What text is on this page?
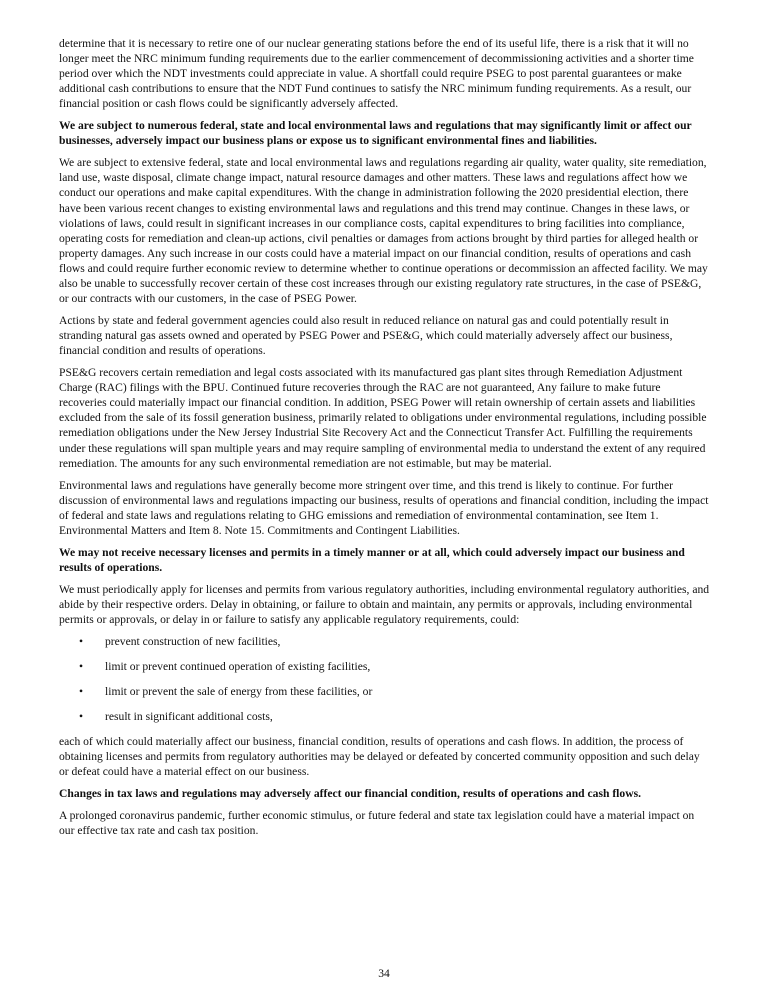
determine that it is necessary to retire one of our nuclear generating stations before the end of its useful life, there is a risk that it will no longer meet the NRC minimum funding requirements due to the earlier commencement of decommissioning activities and a shorter time period over which the NDT investments could appreciate in value. A shortfall could require PSEG to post parental guarantees or make additional cash contributions to ensure that the NDT Fund continues to satisfy the NRC minimum funding requirements. As a result, our financial position or cash flows could be significantly adversely affected.

We are subject to numerous federal, state and local environmental laws and regulations that may significantly limit or affect our businesses, adversely impact our business plans or expose us to significant environmental fines and liabilities.

We are subject to extensive federal, state and local environmental laws and regulations regarding air quality, water quality, site remediation, land use, waste disposal, climate change impact, natural resource damages and other matters. These laws and regulations affect how we conduct our operations and make capital expenditures. With the change in administration following the 2020 presidential election, there have been various recent changes to existing environmental laws and regulations and this trend may continue. Changes in these laws, or violations of laws, could result in significant increases in our compliance costs, capital expenditures to bring facilities into compliance, operating costs for remediation and clean-up actions, civil penalties or damages from actions brought by third parties for alleged health or property damages. Any such increase in our costs could have a material impact on our financial condition, results of operations and cash flows and could require further economic review to determine whether to continue operations or decommission an affected facility. We may also be unable to successfully recover certain of these cost increases through our existing regulatory rate structures, in the case of PSE&G, or our contracts with our customers, in the case of PSEG Power.

Actions by state and federal government agencies could also result in reduced reliance on natural gas and could potentially result in stranding natural gas assets owned and operated by PSEG Power and PSE&G, which could materially adversely affect our business, financial condition and results of operations.

PSE&G recovers certain remediation and legal costs associated with its manufactured gas plant sites through Remediation Adjustment Charge (RAC) filings with the BPU. Continued future recoveries through the RAC are not guaranteed, Any failure to make future recoveries could materially impact our financial condition. In addition, PSEG Power will retain ownership of certain assets and liabilities excluded from the sale of its fossil generation business, primarily related to obligations under environmental regulations, including possible remediation obligations under the New Jersey Industrial Site Recovery Act and the Connecticut Transfer Act. Fulfilling the requirements under these regulations will span multiple years and may require sampling of environmental media to understand the extent of any required remediation. The amounts for any such environmental remediation are not estimable, but may be material.

Environmental laws and regulations have generally become more stringent over time, and this trend is likely to continue. For further discussion of environmental laws and regulations impacting our business, results of operations and financial condition, including the impact of federal and state laws and regulations relating to GHG emissions and remediation of environmental contamination, see Item 1. Environmental Matters and Item 8. Note 15. Commitments and Contingent Liabilities.

We may not receive necessary licenses and permits in a timely manner or at all, which could adversely impact our business and results of operations.

We must periodically apply for licenses and permits from various regulatory authorities, including environmental regulatory authorities, and abide by their respective orders. Delay in obtaining, or failure to obtain and maintain, any permits or approvals, including environmental permits or approvals, or delay in or failure to satisfy any applicable regulatory requirements, could:

• prevent construction of new facilities,
• limit or prevent continued operation of existing facilities,
• limit or prevent the sale of energy from these facilities, or
• result in significant additional costs,

each of which could materially affect our business, financial condition, results of operations and cash flows. In addition, the process of obtaining licenses and permits from regulatory authorities may be delayed or defeated by concerted community opposition and such delay or defeat could have a material effect on our business.

Changes in tax laws and regulations may adversely affect our financial condition, results of operations and cash flows.

A prolonged coronavirus pandemic, further economic stimulus, or future federal and state tax legislation could have a material impact on our effective tax rate and cash tax position.

34
